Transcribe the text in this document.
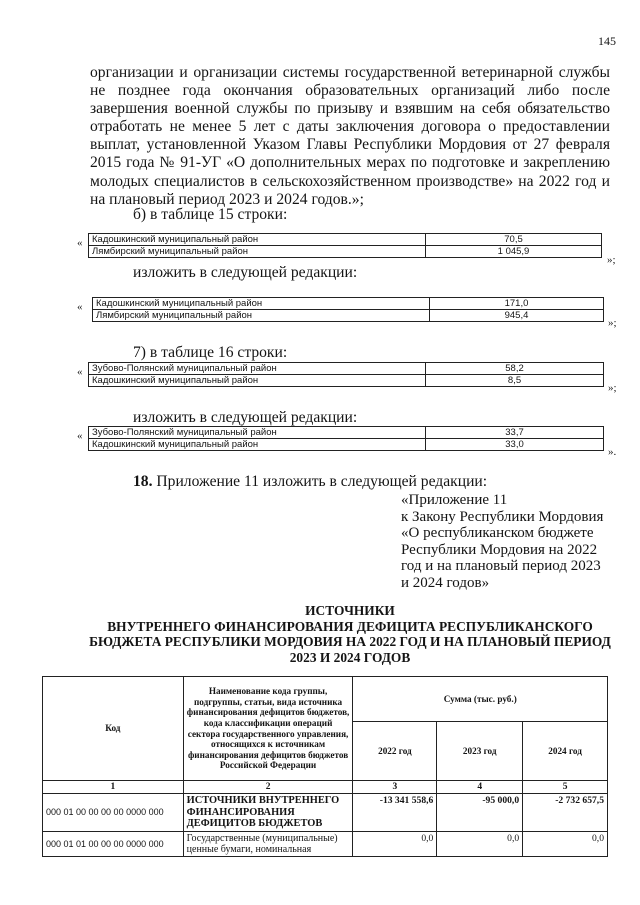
145
организации и организации системы государственной ветеринарной службы
не позднее года окончания образовательных организаций либо после
завершения военной службы по призыву и взявшим на себя обязательство
отработать не менее 5 лет с даты заключения договора о предоставлении
выплат, установленной Указом Главы Республики Мордовия от 27 февраля
2015 года № 91-УГ «О дополнительных мерах по подготовке и закреплению
молодых специалистов в сельскохозяйственном производстве» на 2022 год и
на плановый период 2023 и 2024 годов.»;
б) в таблице 15 строки:
« Кадошкинский муниципальный район	70,5
Лямбирский муниципальный район	1 045,9
»;
изложить в следующей редакции:
« Кадошкинский муниципальный район	171,0
Лямбирский муниципальный район	945,4
»;
7) в таблице 16 строки:
« Зубово-Полянский муниципальный район	58,2
Кадошкинский муниципальный район	8,5
»;
изложить в следующей редакции:
« Зубово-Полянский муниципальный район	33,7
Кадошкинский муниципальный район	33,0
».
18. Приложение 11 изложить в следующей редакции:
«Приложение 11
к Закону Республики Мордовия
«О республиканском бюджете
Республики Мордовия на 2022
год и на плановый период 2023
и 2024 годов»
ИСТОЧНИКИ
ВНУТРЕННЕГО ФИНАНСИРОВАНИЯ ДЕФИЦИТА РЕСПУБЛИКАНСКОГО
БЮДЖЕТА РЕСПУБЛИКИ МОРДОВИЯ НА 2022 ГОД И НА ПЛАНОВЫЙ ПЕРИОД
2023 И 2024 ГОДОВ
Код	Наименование кода группы, подгруппы, статьи, вида источника финансирования дефицитов бюджетов, кода классификации операций сектора государственного управления, относящихся к источникам финансирования дефицитов бюджетов Российской Федерации	Сумма (тыс. руб.)		
		2022 год	2023 год	2024 год
1	2	3	4	5
000 01 00 00 00 00 0000 000	ИСТОЧНИКИ ВНУТРЕННЕГО ФИНАНСИРОВАНИЯ ДЕФИЦИТОВ БЮДЖЕТОВ	-13 341 558,6	-95 000,0	-2 732 657,5
000 01 01 00 00 00 0000 000	Государственные (муниципальные) ценные бумаги, номинальная	0,0	0,0	0,0
